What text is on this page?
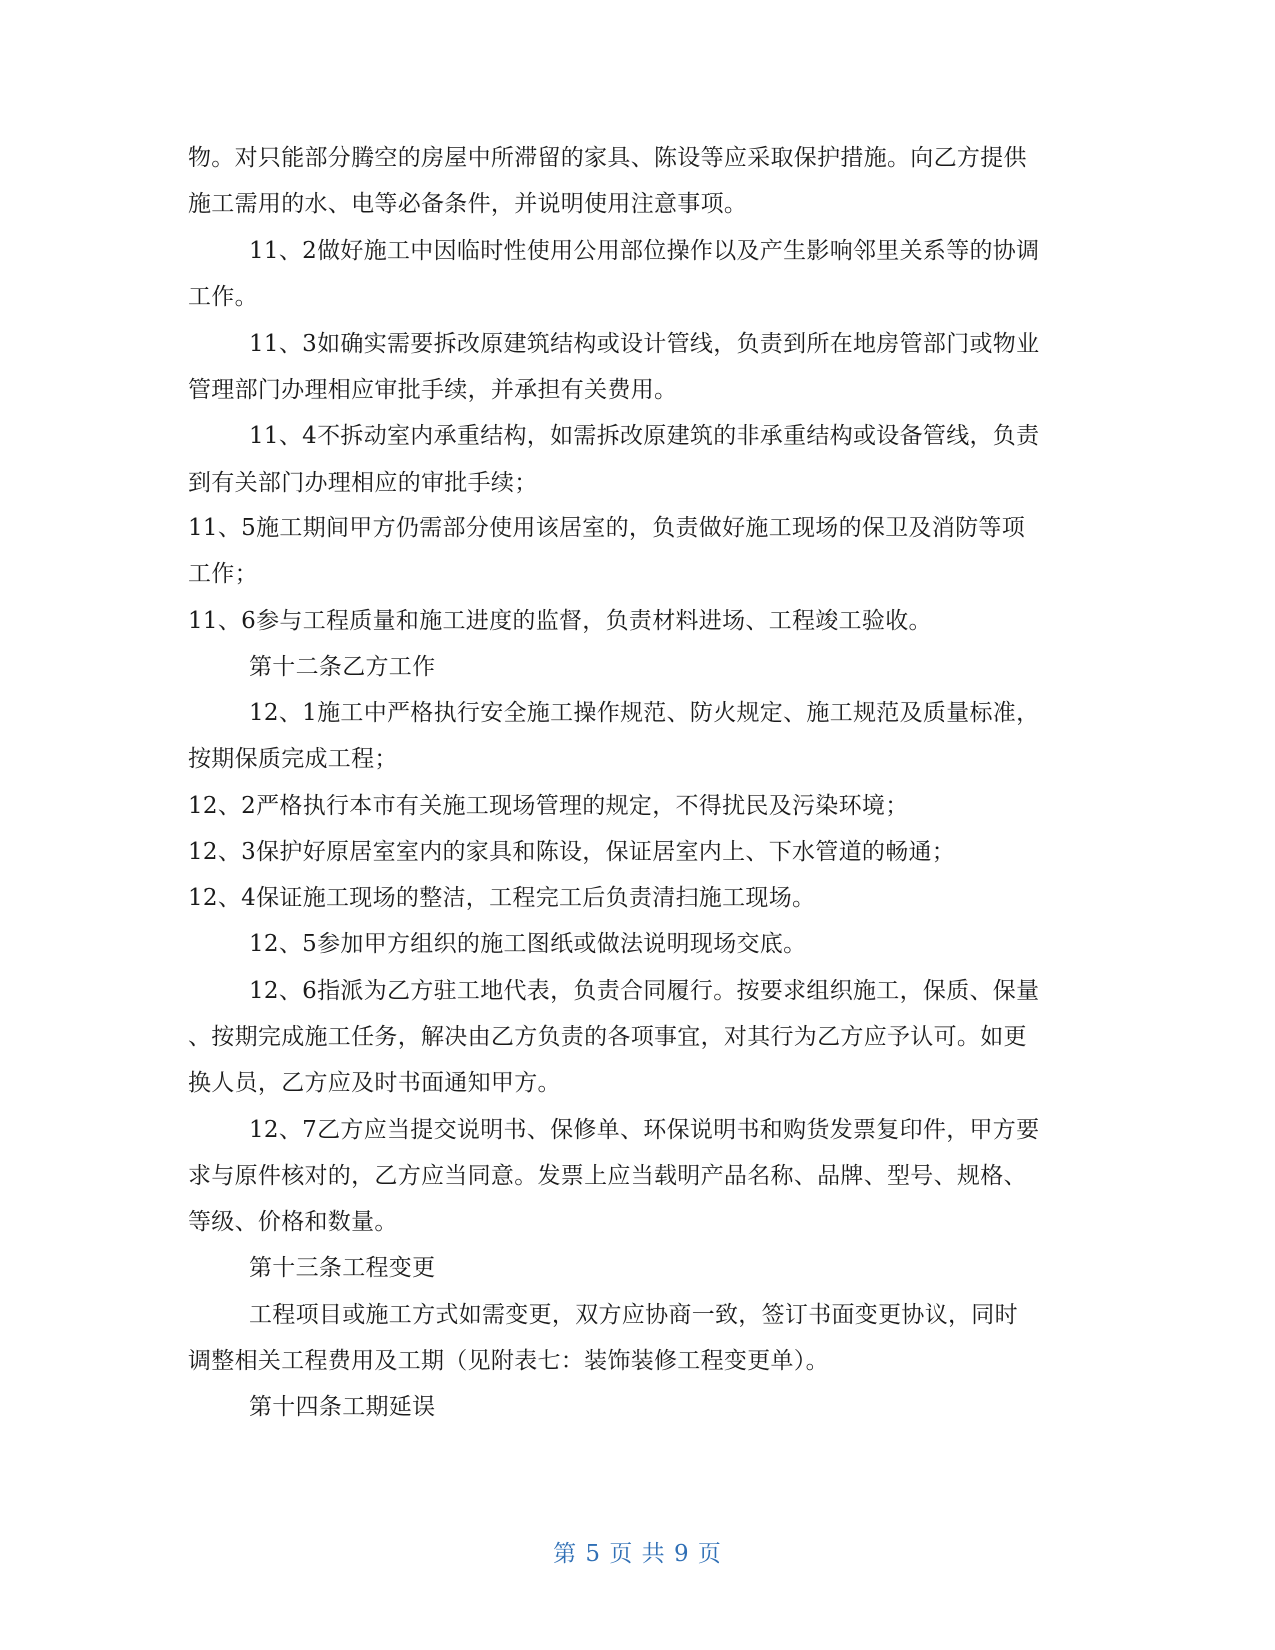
物。对只能部分腾空的房屋中所滞留的家具、陈设等应采取保护措施。向乙方提供

施工需用的水、电等必备条件，并说明使用注意事项。

11、2做好施工中因临时性使用公用部位操作以及产生影响邻里关系等的协调

工作。

11、3如确实需要拆改原建筑结构或设计管线，负责到所在地房管部门或物业

管理部门办理相应审批手续，并承担有关费用。

11、4不拆动室内承重结构，如需拆改原建筑的非承重结构或设备管线，负责

到有关部门办理相应的审批手续；

11、5施工期间甲方仍需部分使用该居室的，负责做好施工现场的保卫及消防等项

工作；

11、6参与工程质量和施工进度的监督，负责材料进场、工程竣工验收。

第十二条乙方工作

12、1施工中严格执行安全施工操作规范、防火规定、施工规范及质量标准，

按期保质完成工程；

12、2严格执行本市有关施工现场管理的规定，不得扰民及污染环境；

12、3保护好原居室室内的家具和陈设，保证居室内上、下水管道的畅通；

12、4保证施工现场的整洁，工程完工后负责清扫施工现场。

12、5参加甲方组织的施工图纸或做法说明现场交底。

12、6指派为乙方驻工地代表，负责合同履行。按要求组织施工，保质、保量

、按期完成施工任务，解决由乙方负责的各项事宜，对其行为乙方应予认可。如更

换人员，乙方应及时书面通知甲方。

12、7乙方应当提交说明书、保修单、环保说明书和购货发票复印件，甲方要

求与原件核对的，乙方应当同意。发票上应当载明产品名称、品牌、型号、规格、

等级、价格和数量。

第十三条工程变更

工程项目或施工方式如需变更，双方应协商一致，签订书面变更协议，同时

调整相关工程费用及工期（见附表七：装饰装修工程变更单）。

第十四条工期延误

第 5 页 共 9 页
